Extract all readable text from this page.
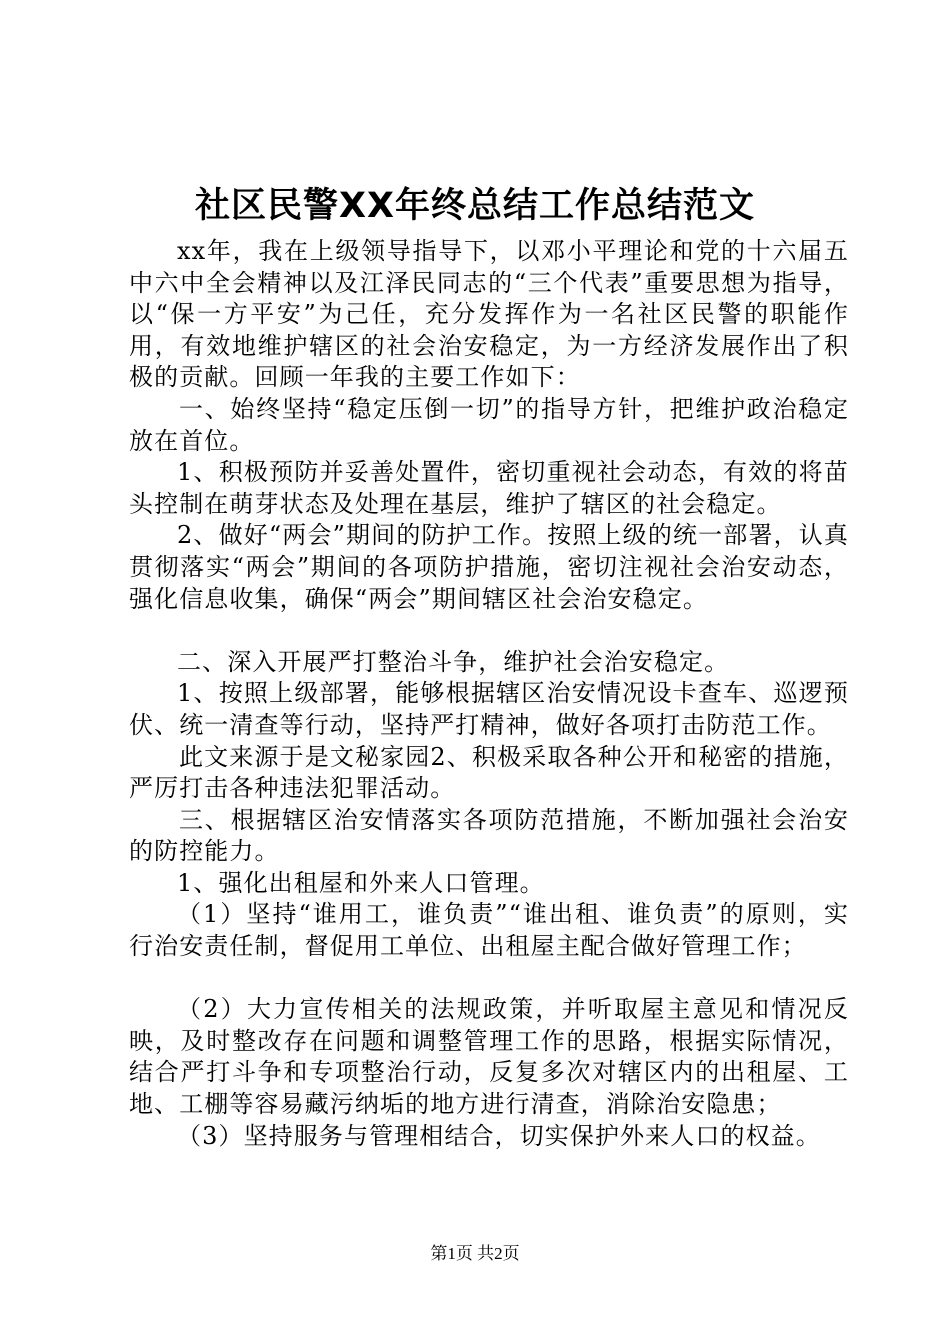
社区民警XX年终总结工作总结范文

xx年，我在上级领导指导下，以邓小平理论和党的十六届五中六中全会精神以及江泽民同志的“三个代表”重要思想为指导，以“保一方平安”为己任，充分发挥作为一名社区民警的职能作用，有效地维护辖区的社会治安稳定，为一方经济发展作出了积极的贡献。回顾一年我的主要工作如下：

一、始终坚持“稳定压倒一切”的指导方针，把维护政治稳定放在首位。

1、积极预防并妥善处置件，密切重视社会动态，有效的将苗头控制在萌芽状态及处理在基层，维护了辖区的社会稳定。

2、做好“两会”期间的防护工作。按照上级的统一部署，认真贯彻落实“两会”期间的各项防护措施，密切注视社会治安动态，强化信息收集，确保“两会”期间辖区社会治安稳定。

二、深入开展严打整治斗争，维护社会治安稳定。

1、按照上级部署，能够根据辖区治安情况设卡查车、巡逻预伏、统一清查等行动，坚持严打精神，做好各项打击防范工作。

此文来源于是文秘家园2、积极采取各种公开和秘密的措施，严厉打击各种违法犯罪活动。

三、根据辖区治安情落实各项防范措施，不断加强社会治安的防控能力。

1、强化出租屋和外来人口管理。

（1）坚持“谁用工，谁负责”“谁出租、谁负责”的原则，实行治安责任制，督促用工单位、出租屋主配合做好管理工作；

（2）大力宣传相关的法规政策，并听取屋主意见和情况反映，及时整改存在问题和调整管理工作的思路，根据实际情况，结合严打斗争和专项整治行动，反复多次对辖区内的出租屋、工地、工棚等容易藏污纳垢的地方进行清查，消除治安隐患；

（3）坚持服务与管理相结合，切实保护外来人口的权益。

第1页 共2页
